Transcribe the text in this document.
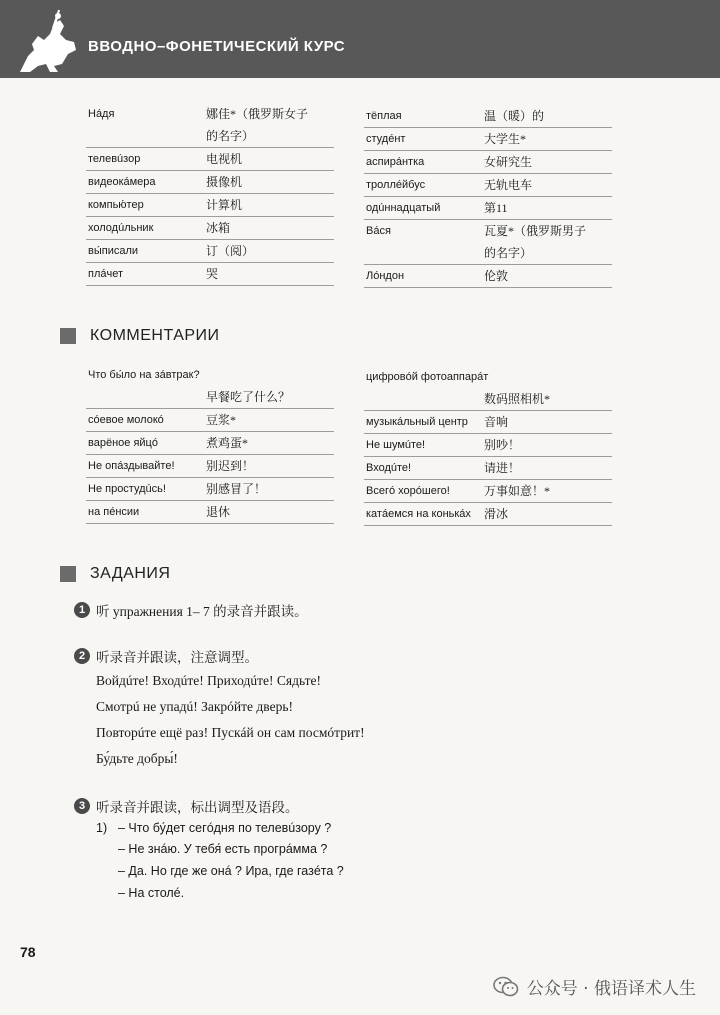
ВВОДНО–ФОНЕТИЧЕСКИЙ КУРС
Нáдя	娜佳*（俄罗斯女子
的名字）
телевúзор	电视机
видеокáмера	摄像机
компью́тер	计算机
холодúльник	冰箱
вы́писали	订（阅）
плáчет	哭
тёплая	温（暖）的
студéнт	大学生*
аспирáнтка	女研究生
троллéйбус	无轨电车
одúннадцатый	第11
Вáся	瓦夏*（俄罗斯男子
的名字）
Лóндон	伦敦
КОММЕНТАРИИ
Что бы́ло на зáвтрак?
早餐吃了什么？
сóевое молокó	豆浆*
варёное яйцó	煮鸡蛋*
Не опáздывайте!	别迟到！
Не простудúсь!	别感冒了！
на пéнсии	退休
цифровóй фотоаппарáт
数码照相机*
музыкáльный центр	音响
Не шумúте!	别吵！
Входúте!	请进！
Всегó хорóшего!	万事如意！*
катáемся на конькáх	滑冰
ЗАДАНИЯ
1 听 упражнения 1– 7 的录音并跟读。
2 听录音并跟读，注意调型。
Войдúте! Входúте! Приходúте! Сядьте!
Смотрú не упадú! Закрóйте дверь!
Повторúте ещё раз! Пускáй он сам посмóтрит!
Бу́дьте добры́!
3 听录音并跟读，标出调型及语段。
1) – Что бу́дет сегóдня по телевúзору ?
– Не знáю. У тебя́ есть прогрáмма ?
– Да. Но где же онá ? Ира, где газéта ?
– На столé.
78
公众号 · 俄语译术人生
